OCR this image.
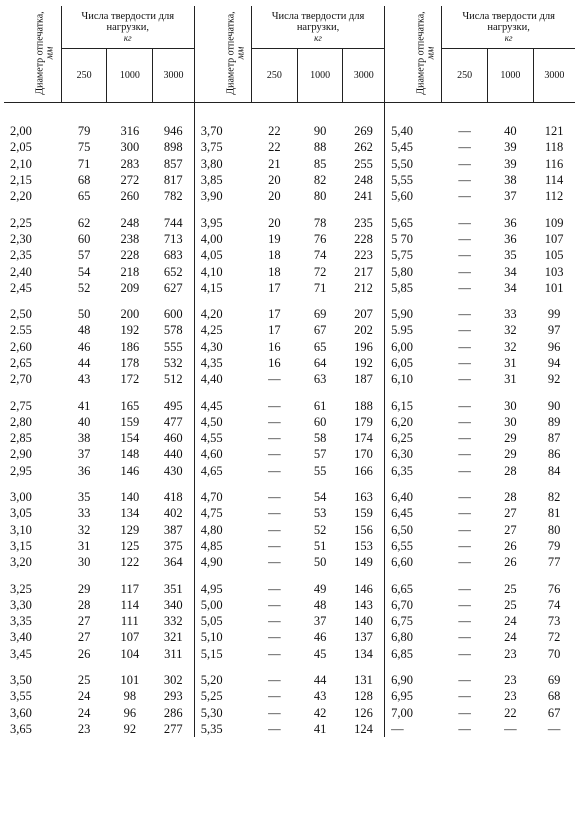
Диаметр отпечатка,
мм	Числа твердости для нагрузки,
кг			Диаметр отпечатка,
мм	Числа твердости для нагрузки,
кг			Диаметр отпечатка,
мм	Числа твердости для нагрузки,
кг		

	250	1000	3000		250	1000	3000		250	1000	3000

2,00	79	316	946	3,70	22	90	269	5,40	—	40	121
2,05	75	300	898	3,75	22	88	262	5,45	—	39	118
2,10	71	283	857	3,80	21	85	255	5,50	—	39	116
2,15	68	272	817	3,85	20	82	248	5,55	—	38	114
2,20	65	260	782	3,90	20	80	241	5,60	—	37	112

2,25	62	248	744	3,95	20	78	235	5,65	—	36	109
2,30	60	238	713	4,00	19	76	228	5 70	—	36	107
2,35	57	228	683	4,05	18	74	223	5,75	—	35	105
2,40	54	218	652	4,10	18	72	217	5,80	—	34	103
2,45	52	209	627	4,15	17	71	212	5,85	—	34	101

2,50	50	200	600	4,20	17	69	207	5,90	—	33	99
2.55	48	192	578	4,25	17	67	202	5.95	—	32	97
2,60	46	186	555	4,30	16	65	196	6,00	—	32	96
2,65	44	178	532	4,35	16	64	192	6,05	—	31	94
2,70	43	172	512	4,40	—	63	187	6,10	—	31	92

2,75	41	165	495	4,45	—	61	188	6,15	—	30	90
2,80	40	159	477	4,50	—	60	179	6,20	—	30	89
2,85	38	154	460	4,55	—	58	174	6,25	—	29	87
2,90	37	148	440	4,60	—	57	170	6,30	—	29	86
2,95	36	146	430	4,65	—	55	166	6,35	—	28	84

3,00	35	140	418	4,70	—	54	163	6,40	—	28	82
3,05	33	134	402	4,75	—	53	159	6,45	—	27	81
3,10	32	129	387	4,80	—	52	156	6,50	—	27	80
3,15	31	125	375	4,85	—	51	153	6,55	—	26	79
3,20	30	122	364	4,90	—	50	149	6,60	—	26	77

3,25	29	117	351	4,95	—	49	146	6,65	—	25	76
3,30	28	114	340	5,00	—	48	143	6,70	—	25	74
3,35	27	111	332	5,05	—	37	140	6,75	—	24	73
3,40	27	107	321	5,10	—	46	137	6,80	—	24	72
3,45	26	104	311	5,15	—	45	134	6,85	—	23	70

3,50	25	101	302	5,20	—	44	131	6,90	—	23	69
3,55	24	98	293	5,25	—	43	128	6,95	—	23	68
3,60	24	96	286	5,30	—	42	126	7,00	—	22	67
3,65	23	92	277	5,35	—	41	124	—	—	—	—
